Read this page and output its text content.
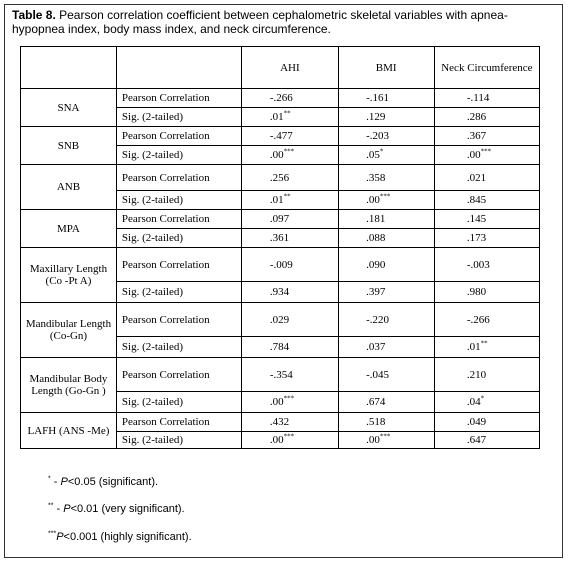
Table 8. Pearson correlation coefficient between cephalometric skeletal variables with apnea-hypopnea index, body mass index, and neck circumference.
		AHI	BMI	Neck Circumference
SNA	Pearson Correlation	-.266	-.161	-.114
	Sig. (2-tailed)	.01**	.129	.286
SNB	Pearson Correlation	-.477	-.203	.367
	Sig. (2-tailed)	.00***	.05*	.00***
ANB	Pearson Correlation	.256	.358	.021
	Sig. (2-tailed)	.01**	.00***	.845
MPA	Pearson Correlation	.097	.181	.145
	Sig. (2-tailed)	.361	.088	.173
Maxillary Length (Co -Pt A)	Pearson Correlation	-.009	.090	-.003
	Sig. (2-tailed)	.934	.397	.980
Mandibular Length (Co-Gn)	Pearson Correlation	.029	-.220	-.266
	Sig. (2-tailed)	.784	.037	.01**
Mandibular Body Length (Go-Gn )	Pearson Correlation	-.354	-.045	.210
	Sig. (2-tailed)	.00***	.674	.04*
LAFH (ANS -Me)	Pearson Correlation	.432	.518	.049
	Sig. (2-tailed)	.00***	.00***	.647
* - P<0.05 (significant).
** - P<0.01 (very significant).
***P<0.001 (highly significant).
